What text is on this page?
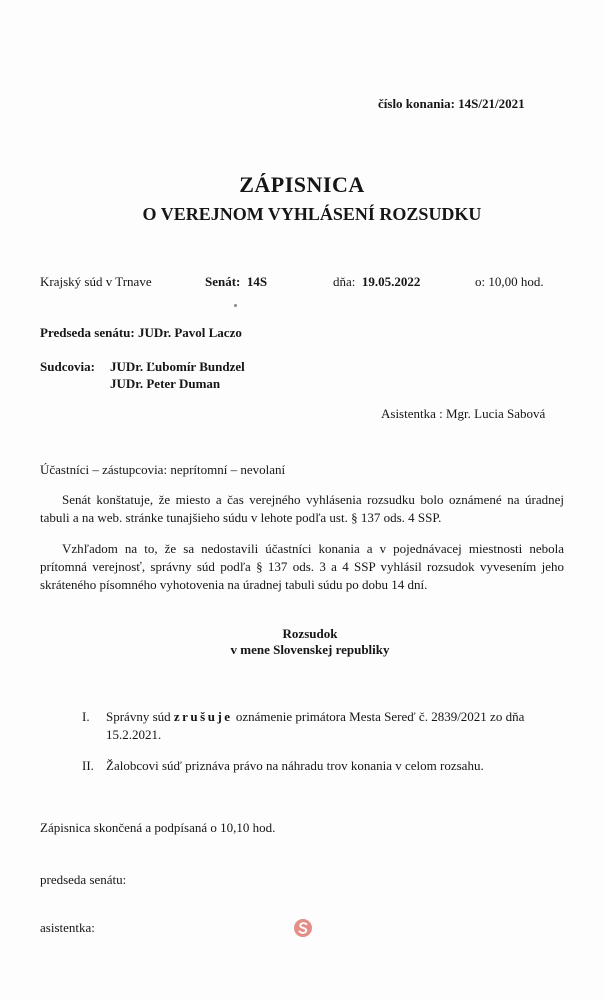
číslo konania: 14S/21/2021
ZÁPISNICA
O VEREJNOM VYHLÁSENÍ ROZSUDKU
Krajský súd v Trnave	Senát: 14S	dňa: 19.05.2022	o: 10,00 hod.
Predseda senátu: JUDr. Pavol Laczo
Sudcovia: JUDr. Ľubomír Bundzel
JUDr. Peter Duman
Asistentka : Mgr. Lucia Sabová
Účastníci – zástupcovia: neprítomní – nevolaní
Senát konštatuje, že miesto a čas verejného vyhlásenia rozsudku bolo oznámené na úradnej tabuli a na web. stránke tunajšieho súdu v lehote podľa ust. § 137 ods. 4 SSP.
Vzhľadom na to, že sa nedostavili účastníci konania a v pojednávacej miestnosti nebola prítomná verejnosť, správny súd podľa § 137 ods. 3 a 4 SSP vyhlásil rozsudok vyvesením jeho skráteného písomného vyhotovenia na úradnej tabuli súdu po dobu 14 dní.
Rozsudok
v mene Slovenskej republiky
I. Správny súd zrušuje oznámenie primátora Mesta Sereď č. 2839/2021 zo dňa 15.2.2021.
II. Žalobcovi súď priznáva právo na náhradu trov konania v celom rozsahu.
Zápisnica skončená a podpísaná o 10,10 hod.
predseda senátu:
asistentka:
